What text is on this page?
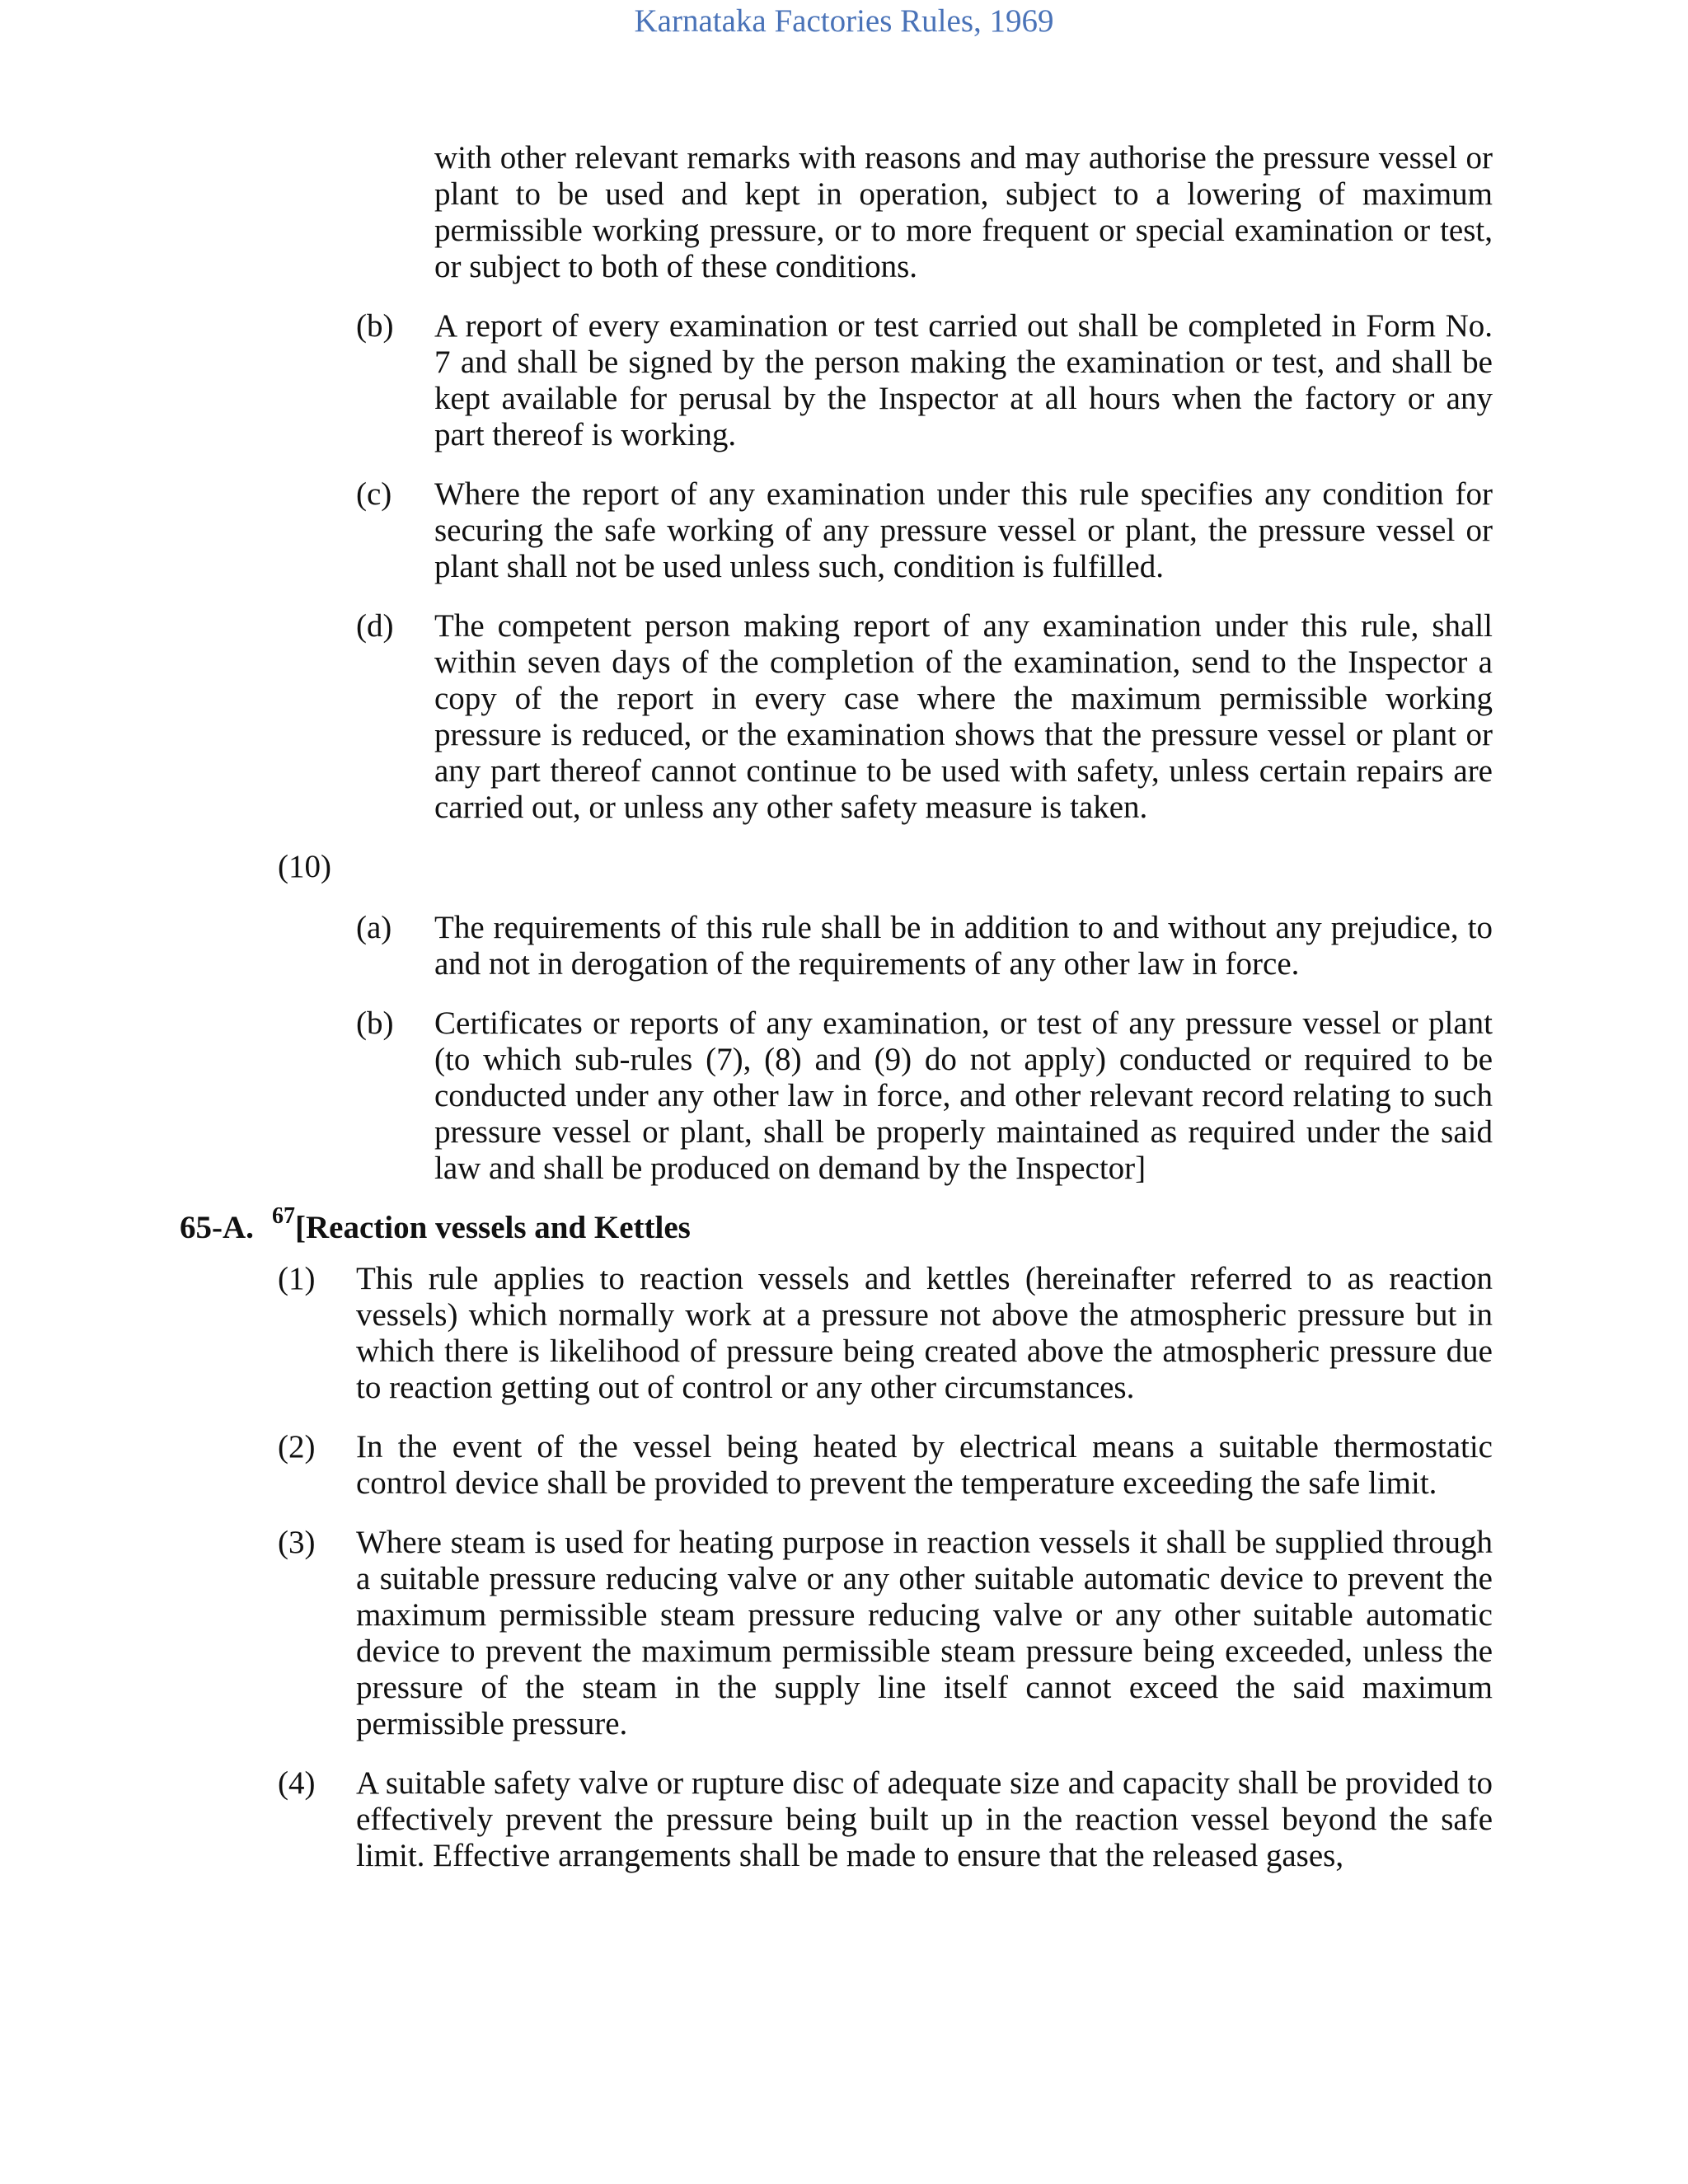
Karnataka Factories Rules, 1969
with other relevant remarks with reasons and may authorise the pressure vessel or plant to be used and kept in operation, subject to a lowering of maximum permissible working pressure, or to more frequent or special examination or test, or subject to both of these conditions.
(b) A report of every examination or test carried out shall be completed in Form No. 7 and shall be signed by the person making the examination or test, and shall be kept available for perusal by the Inspector at all hours when the factory or any part thereof is working.
(c) Where the report of any examination under this rule specifies any condition for securing the safe working of any pressure vessel or plant, the pressure vessel or plant shall not be used unless such, condition is fulfilled.
(d) The competent person making report of any examination under this rule, shall within seven days of the completion of the examination, send to the Inspector a copy of the report in every case where the maximum permissible working pressure is reduced, or the examination shows that the pressure vessel or plant or any part thereof cannot continue to be used with safety, unless certain repairs are carried out, or unless any other safety measure is taken.
(10)
(a) The requirements of this rule shall be in addition to and without any prejudice, to and not in derogation of the requirements of any other law in force.
(b) Certificates or reports of any examination, or test of any pressure vessel or plant (to which sub-rules (7), (8) and (9) do not apply) conducted or required to be conducted under any other law in force, and other relevant record relating to such pressure vessel or plant, shall be properly maintained as required under the said law and shall be produced on demand by the Inspector]
65-A. $^{67}$[Reaction vessels and Kettles
(1) This rule applies to reaction vessels and kettles (hereinafter referred to as reaction vessels) which normally work at a pressure not above the atmospheric pressure but in which there is likelihood of pressure being created above the atmospheric pressure due to reaction getting out of control or any other circumstances.
(2) In the event of the vessel being heated by electrical means a suitable thermostatic control device shall be provided to prevent the temperature exceeding the safe limit.
(3) Where steam is used for heating purpose in reaction vessels it shall be supplied through a suitable pressure reducing valve or any other suitable automatic device to prevent the maximum permissible steam pressure reducing valve or any other suitable automatic device to prevent the maximum permissible steam pressure being exceeded, unless the pressure of the steam in the supply line itself cannot exceed the said maximum permissible pressure.
(4) A suitable safety valve or rupture disc of adequate size and capacity shall be provided to effectively prevent the pressure being built up in the reaction vessel beyond the safe limit. Effective arrangements shall be made to ensure that the released gases,
